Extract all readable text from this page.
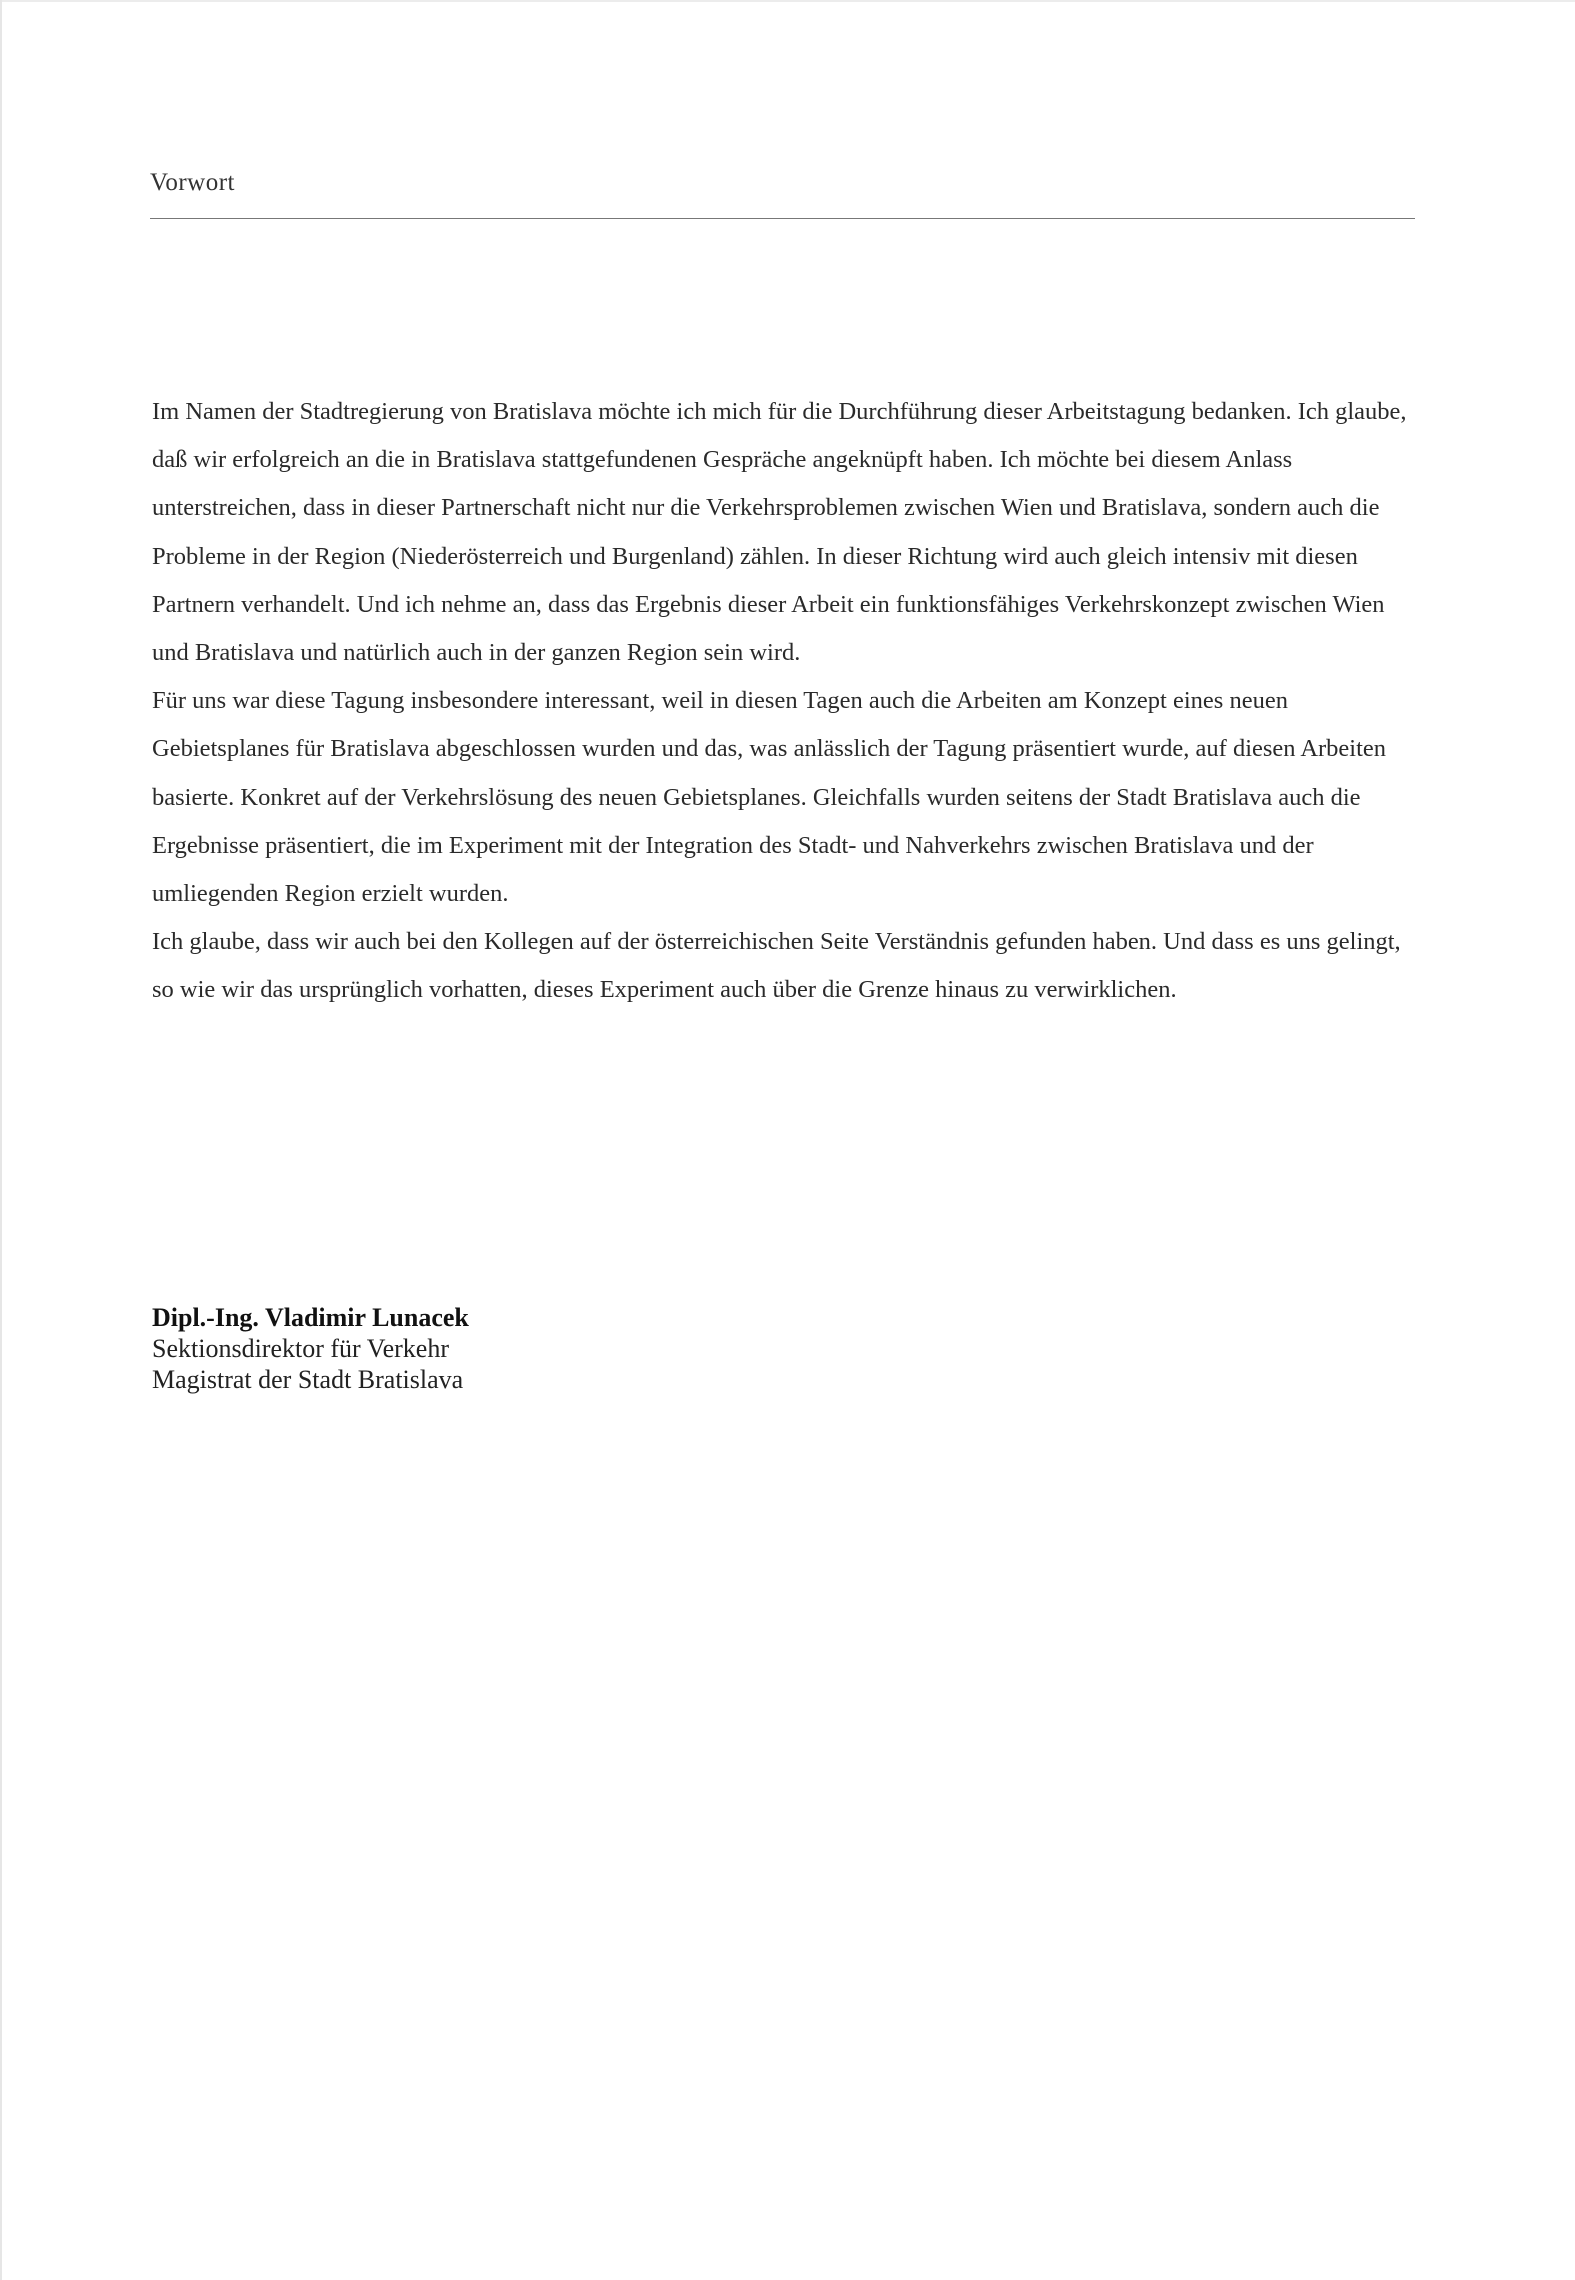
Vorwort

Im Namen der Stadtregierung von Bratislava möchte ich mich für die Durchführung dieser Arbeitstagung bedanken. Ich glaube, daß wir erfolgreich an die in Bratislava stattgefundenen Gespräche angeknüpft haben. Ich möchte bei diesem Anlass unterstreichen, dass in dieser Partnerschaft nicht nur die Verkehrsproblemen zwischen Wien und Bratislava, sondern auch die Probleme in der Region (Niederösterreich und Burgenland) zählen. In dieser Richtung wird auch gleich intensiv mit diesen Partnern verhandelt. Und ich nehme an, dass das Ergebnis dieser Arbeit ein funktionsfähiges Verkehrskonzept zwischen Wien und Bratislava und natürlich auch in der ganzen Region sein wird.

Für uns war diese Tagung insbesondere interessant, weil in diesen Tagen auch die Arbeiten am Konzept eines neuen Gebietsplanes für Bratislava abgeschlossen wurden und das, was anlässlich der Tagung präsentiert wurde, auf diesen Arbeiten basierte. Konkret auf der Verkehrslösung des neuen Gebietsplanes. Gleichfalls wurden seitens der Stadt Bratislava auch die Ergebnisse präsentiert, die im Experiment mit der Integration des Stadt- und Nahverkehrs zwischen Bratislava und der umliegenden Region erzielt wurden.

Ich glaube, dass wir auch bei den Kollegen auf der österreichischen Seite Verständnis gefunden haben. Und dass es uns gelingt, so wie wir das ursprünglich vorhatten, dieses Experiment auch über die Grenze hinaus zu verwirklichen.

Dipl.-Ing. Vladimir Lunacek
Sektionsdirektor für Verkehr
Magistrat der Stadt Bratislava
